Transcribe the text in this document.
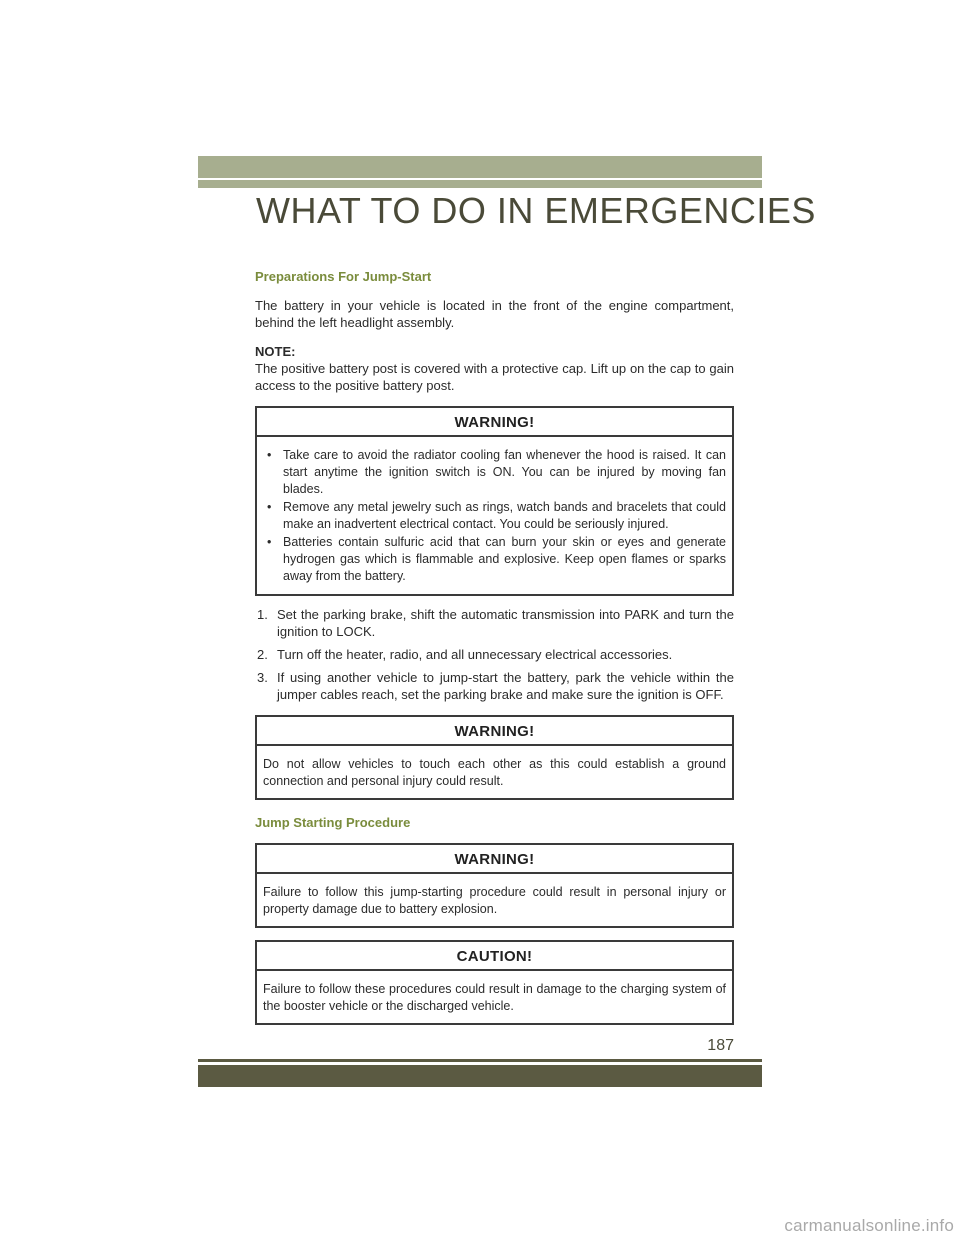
WHAT TO DO IN EMERGENCIES
Preparations For Jump-Start

The battery in your vehicle is located in the front of the engine compartment, behind the left headlight assembly.

NOTE:

The positive battery post is covered with a protective cap. Lift up on the cap to gain access to the positive battery post.

WARNING!
• Take care to avoid the radiator cooling fan whenever the hood is raised. It can start anytime the ignition switch is ON. You can be injured by moving fan blades.
• Remove any metal jewelry such as rings, watch bands and bracelets that could make an inadvertent electrical contact. You could be seriously injured.
• Batteries contain sulfuric acid that can burn your skin or eyes and generate hydrogen gas which is flammable and explosive. Keep open flames or sparks away from the battery.
1. Set the parking brake, shift the automatic transmission into PARK and turn the ignition to LOCK.
2. Turn off the heater, radio, and all unnecessary electrical accessories.
3. If using another vehicle to jump-start the battery, park the vehicle within the jumper cables reach, set the parking brake and make sure the ignition is OFF.
WARNING!
Do not allow vehicles to touch each other as this could establish a ground connection and personal injury could result.
Jump Starting Procedure
WARNING!
Failure to follow this jump-starting procedure could result in personal injury or property damage due to battery explosion.
CAUTION!
Failure to follow these procedures could result in damage to the charging system of the booster vehicle or the discharged vehicle.
187
carmanualsonline.info
